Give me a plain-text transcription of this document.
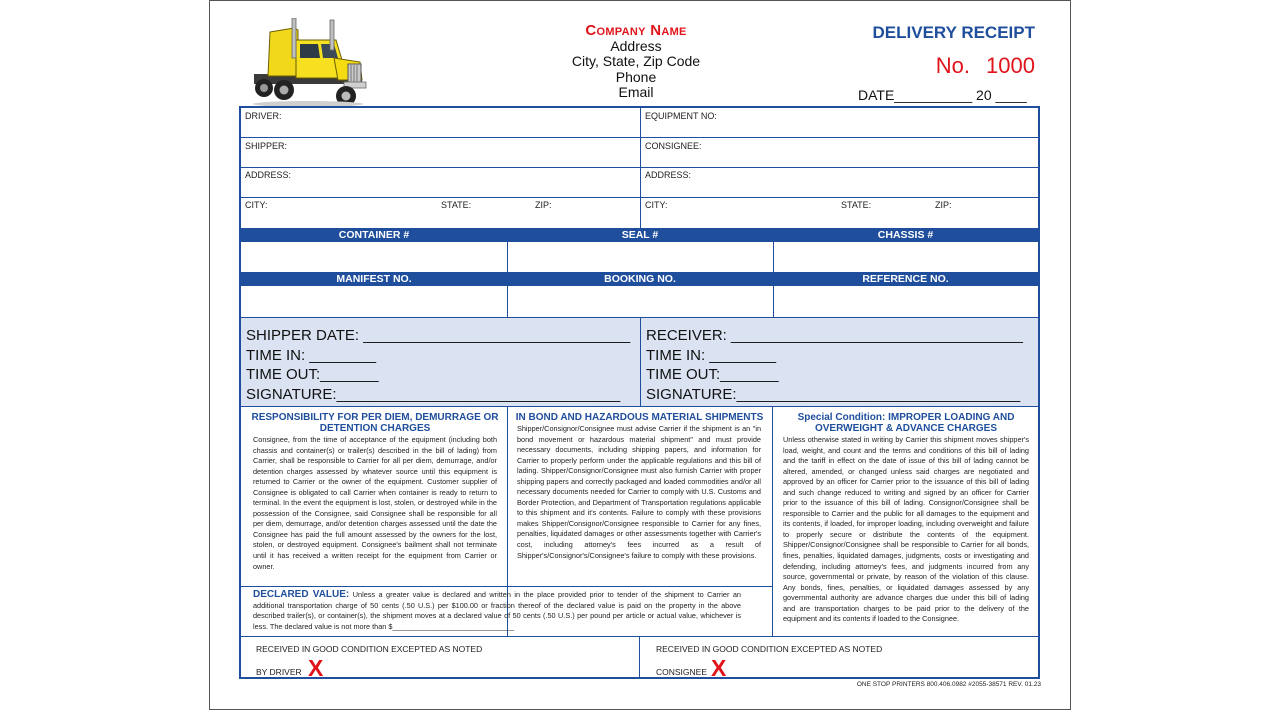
Company Name
Address
City, State, Zip Code
Phone
Email
DELIVERY RECEIPT
No. 1000
DATE__________ 20 ____
DRIVER:	EQUIPMENT NO:
SHIPPER:	CONSIGNEE:
ADDRESS:	ADDRESS:
CITY:	STATE:	ZIP:	CITY:	STATE:	ZIP:
CONTAINER #	SEAL #	CHASSIS #
MANIFEST NO.	BOOKING NO.	REFERENCE NO.
SHIPPER DATE: ________________________________
TIME IN: ________
TIME OUT:_______
SIGNATURE:__________________________________
RECEIVER: ___________________________________
TIME IN: ________
TIME OUT:_______
SIGNATURE:__________________________________
RESPONSIBILITY FOR PER DIEM, DEMURRAGE OR DETENTION CHARGES
Consignee, from the time of acceptance of the equipment (including both chassis and container(s) or trailer(s) described in the bill of lading) from Carrier, shall be responsible to Carrier for all per diem, demurrage, and/or detention charges assessed by whatever source until this equipment is returned to Carrier or the owner of the equipment. Customer supplier of Consignee is obligated to call Carrier when container is ready to return to terminal. In the event the equipment is lost, stolen, or destroyed while in the possession of the Consignee, said Consignee shall be responsible for all per diem, demurrage, and/or detention charges assessed until the date the Consignee has paid the full amount assessed by the owners for the lost, stolen, or destroyed equipment. Consignee's bailment shall not terminate until it has received a written receipt for the equipment from Carrier or owner.
IN BOND AND HAZARDOUS MATERIAL SHIPMENTS
Shipper/Consignor/Consignee must advise Carrier if the shipment is an "in bond movement or hazardous material shipment" and must provide necessary documents, including shipping papers, and information for Carrier to properly perform under the applicable regulations and this bill of lading. Shipper/Consignor/Consignee must also furnish Carrier with proper shipping papers and correctly packaged and loaded commodities and/or all necessary documents needed for Carrier to comply with U.S. Customs and Border Protection, and Department of Transportation regulations applicable to this shipment and it's contents. Failure to comply with these provisions makes Shipper/Consignor/Consignee responsible to Carrier for any fines, penalties, liquidated damages or other assessments together with Carrier's cost, including attorney's fees incurred as a result of Shipper's/Consignor's/Consignee's failure to comply with these provisions.
Special Condition: IMPROPER LOADING AND OVERWEIGHT & ADVANCE CHARGES
Unless otherwise stated in writing by Carrier this shipment moves shipper's load, weight, and count and the terms and conditions of this bill of lading and the tariff in effect on the date of issue of this bill of lading cannot be altered, amended, or changed unless said charges are negotiated and approved by an officer for Carrier prior to the issuance of this bill of lading and such change reduced to writing and signed by an officer for Carrier prior to the issuance of this bill of lading. Consignor/Consignee shall be responsible to Carrier and the public for all damages to the equipment and its contents, if loaded, for improper loading, including overweight and failure to properly secure or distribute the contents of the equipment. Shipper/Consignor/Consignee shall be responsible to Carrier for all bonds, fines, penalties, liquidated damages, judgments, costs or investigating and defending, including attorney's fees, and judgments incurred from any source, governmental or private, by reason of the violation of this clause. Any bonds, fines, penalties, or liquidated damages assessed by any governmental authority are advance charges due under this bill of lading and are transportation charges to be paid prior to the delivery of the equipment and its contents if loaded to the Consignee.
DECLARED VALUE: Unless a greater value is declared and written in the place provided prior to tender of the shipment to Carrier an additional transportation charge of 50 cents (.50 U.S.) per $100.00 or fraction thereof of the declared value is paid on the property in the above described trailer(s), or container(s), the shipment moves at a declared value of 50 cents (.50 U.S.) per pound per article or actual value, whichever is less. The declared value is not more than $______________________________
RECEIVED IN GOOD CONDITION EXCEPTED AS NOTED
BY DRIVER X
RECEIVED IN GOOD CONDITION EXCEPTED AS NOTED
CONSIGNEE X
ONE STOP PRINTERS 800.406.0982 #2055-38571 REV. 01.23
